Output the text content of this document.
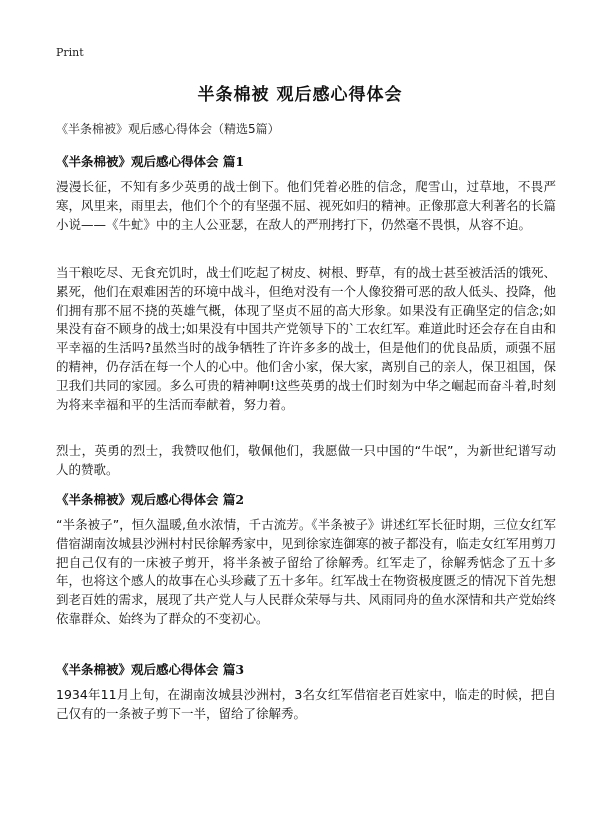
Print
半条棉被 观后感心得体会

《半条棉被》观后感心得体会（精选5篇）

《半条棉被》观后感心得体会 篇1

漫漫长征，不知有多少英勇的战士倒下。他们凭着必胜的信念，爬雪山，过草地，不畏严寒，风里来，雨里去，他们个个的有坚强不屈、视死如归的精神。正像那意大利著名的长篇小说——《牛虻》中的主人公亚瑟，在敌人的严刑拷打下，仍然毫不畏惧，从容不迫。

当干粮吃尽、无食充饥时，战士们吃起了树皮、树根、野草，有的战士甚至被活活的饿死、累死，他们在艰难困苦的环境中战斗，但绝对没有一个人像狡猾可恶的敌人低头、投降，他们拥有那不屈不挠的英雄气概，体现了坚贞不屈的高大形象。如果没有正确坚定的信念;如果没有奋不顾身的战士;如果没有中国共产党领导下的`工农红军。难道此时还会存在自由和平幸福的生活吗?虽然当时的战争牺牲了许许多多的战士，但是他们的优良品质，顽强不屈的精神，仍存活在每一个人的心中。他们舍小家，保大家，离别自己的亲人，保卫祖国，保卫我们共同的家园。多么可贵的精神啊!这些英勇的战士们时刻为中华之崛起而奋斗着,时刻为将来幸福和平的生活而奉献着，努力着。

烈士，英勇的烈士，我赞叹他们，敬佩他们，我愿做一只中国的“牛氓”，为新世纪谱写动人的赞歌。

《半条棉被》观后感心得体会 篇2

“半条被子”，恒久温暖,鱼水浓情，千古流芳。《半条被子》讲述红军长征时期，三位女红军借宿湖南汝城县沙洲村村民徐解秀家中，见到徐家连御寒的被子都没有，临走女红军用剪刀把自己仅有的一床被子剪开，将半条被子留给了徐解秀。红军走了，徐解秀惦念了五十多年，也将这个感人的故事在心头珍藏了五十多年。红军战士在物资极度匮乏的情况下首先想到老百姓的需求，展现了共产党人与人民群众荣辱与共、风雨同舟的鱼水深情和共产党始终依靠群众、始终为了群众的不变初心。

《半条棉被》观后感心得体会 篇3

1934年11月上旬，在湖南汝城县沙洲村，3名女红军借宿老百姓家中，临走的时候，把自己仅有的一条被子剪下一半，留给了徐解秀。
